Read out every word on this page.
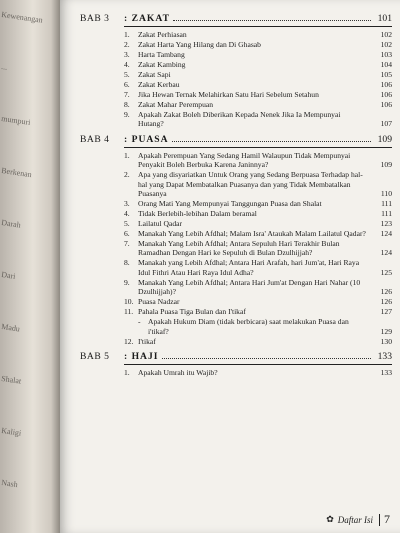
Kewenangan
...
mumpuri
Berkenan
Darah
Dari
Madu
Shalat
Kaligi
Nash
BAB 3	: ZAKAT	101
1.	Zakat Perhiasan	102
2.	Zakat Harta Yang Hilang dan Di Ghasab	102
3.	Harta Tambang	103
4.	Zakat Kambing	104
5.	Zakat Sapi	105
6.	Zakat Kerbau	106
7.	Jika Hewan Ternak Melahirkan Satu Hari Sebelum Setahun	106
8.	Zakat Mahar Perempuan	106
9.	Apakah Zakat Boleh Diberikan Kepada Nenek Jika Ia Mempunyai Hutang?	107
BAB 4	: PUASA	109
1.	Apakah Perempuan Yang Sedang Hamil Walaupun Tidak Mempunyai Penyakit Boleh Berbuka Karena Janinnya?	109
2.	Apa yang disyariatkan Untuk Orang yang Sedang Berpuasa Terhadap hal-hal yang Dapat Membatalkan Puasanya dan yang Tidak Membatalkan Puasanya	110
3.	Orang Mati Yang Mempunyai Tanggungan Puasa dan Shalat	111
4.	Tidak Berlebih-lebihan Dalam beramal	111
5.	Lailatul Qadar	123
6.	Manakah Yang Lebih Afdhal; Malam Isra' Ataukah Malam Lailatul Qadar?	124
7.	Manakah Yang Lebih Afdhal; Antara Sepuluh Hari Terakhir Bulan Ramadhan Dengan Hari ke Sepuluh di Bulan Dzulhijjah?	124
8.	Manakah yang Lebih Afdhal; Antara Hari Arafah, hari Jum'at, Hari Raya Idul Fithri Atau Hari Raya Idul Adha?	125
9.	Manakah Yang Lebih Afdhal; Antara Hari Jum'at Dengan Hari Nahar (10 Dzulhijjah)?	126
10. Puasa Nadzar	126
11. Pahala Puasa Tiga Bulan dan I'tikaf	127
- Apakah Hukum Diam (tidak berbicara) saat melakukan Puasa dan i'tikaf?	129
12. I'tikaf	130
BAB 5	: HAJI	133
1.	Apakah Umrah itu Wajib?	133
✿ Daftar Isi 7
